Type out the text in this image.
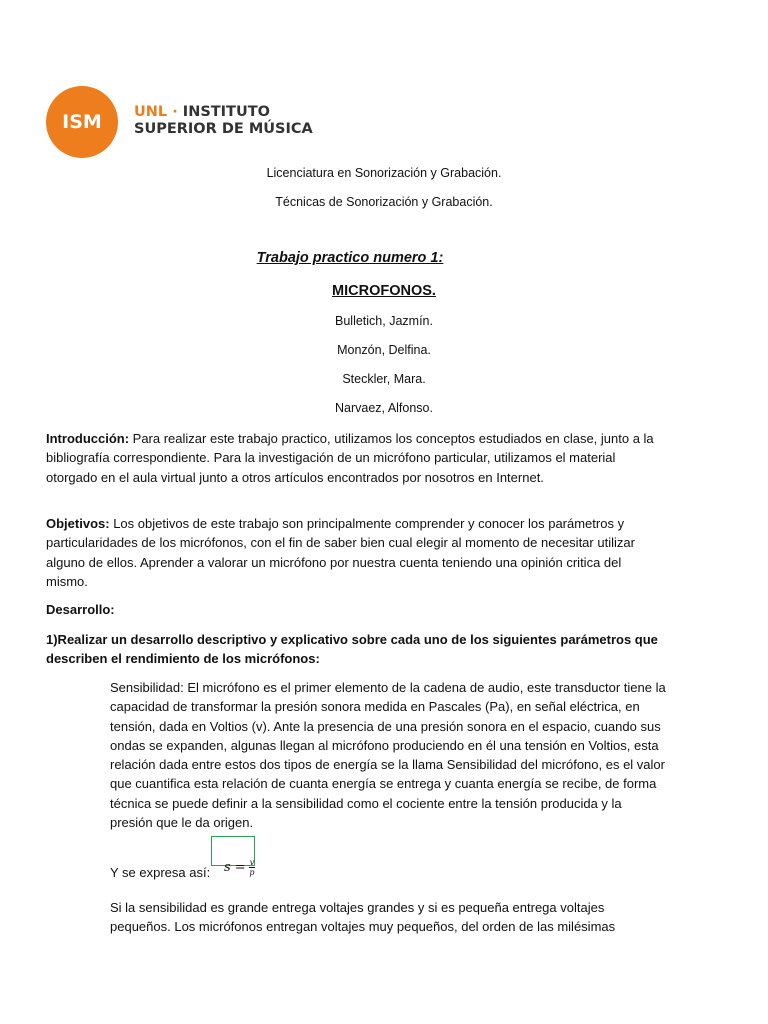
ISM UNL · INSTITUTO
SUPERIOR DE MÚSICA
Licenciatura en Sonorización y Grabación.
Técnicas de Sonorización y Grabación.
Trabajo practico numero 1:
MICROFONOS.
Bulletich, Jazmín.
Monzón, Delfina.
Steckler, Mara.
Narvaez, Alfonso.
Introducción: Para realizar este trabajo practico, utilizamos los conceptos estudiados en clase, junto a la bibliografía correspondiente. Para la investigación de un micrófono particular, utilizamos el material otorgado en el aula virtual junto a otros artículos encontrados por nosotros en Internet.
Objetivos: Los objetivos de este trabajo son principalmente comprender y conocer los parámetros y particularidades de los micrófonos, con el fin de saber bien cual elegir al momento de necesitar utilizar alguno de ellos. Aprender a valorar un micrófono por nuestra cuenta teniendo una opinión critica del mismo.
Desarrollo:
1)Realizar un desarrollo descriptivo y explicativo sobre cada uno de los siguientes parámetros que describen el rendimiento de los micrófonos:
Sensibilidad: El micrófono es el primer elemento de la cadena de audio, este transductor tiene la capacidad de transformar la presión sonora medida en Pascales (Pa), en señal eléctrica, en tensión, dada en Voltios (v). Ante la presencia de una presión sonora en el espacio, cuando sus ondas se expanden, algunas llegan al micrófono produciendo en él una tensión en Voltios, esta relación dada entre estos dos tipos de energía se la llama Sensibilidad del micrófono, es el valor que cuantifica esta relación de cuanta energía se entrega y cuanta energía se recibe, de forma técnica se puede definir a la sensibilidad como el cociente entre la tensión producida y la presión que le da origen.
Y se expresa así:	$s = \frac{v}{p}$
Si la sensibilidad es grande entrega voltajes grandes y si es pequeña entrega voltajes pequeños. Los micrófonos entregan voltajes muy pequeños, del orden de las milésimas
